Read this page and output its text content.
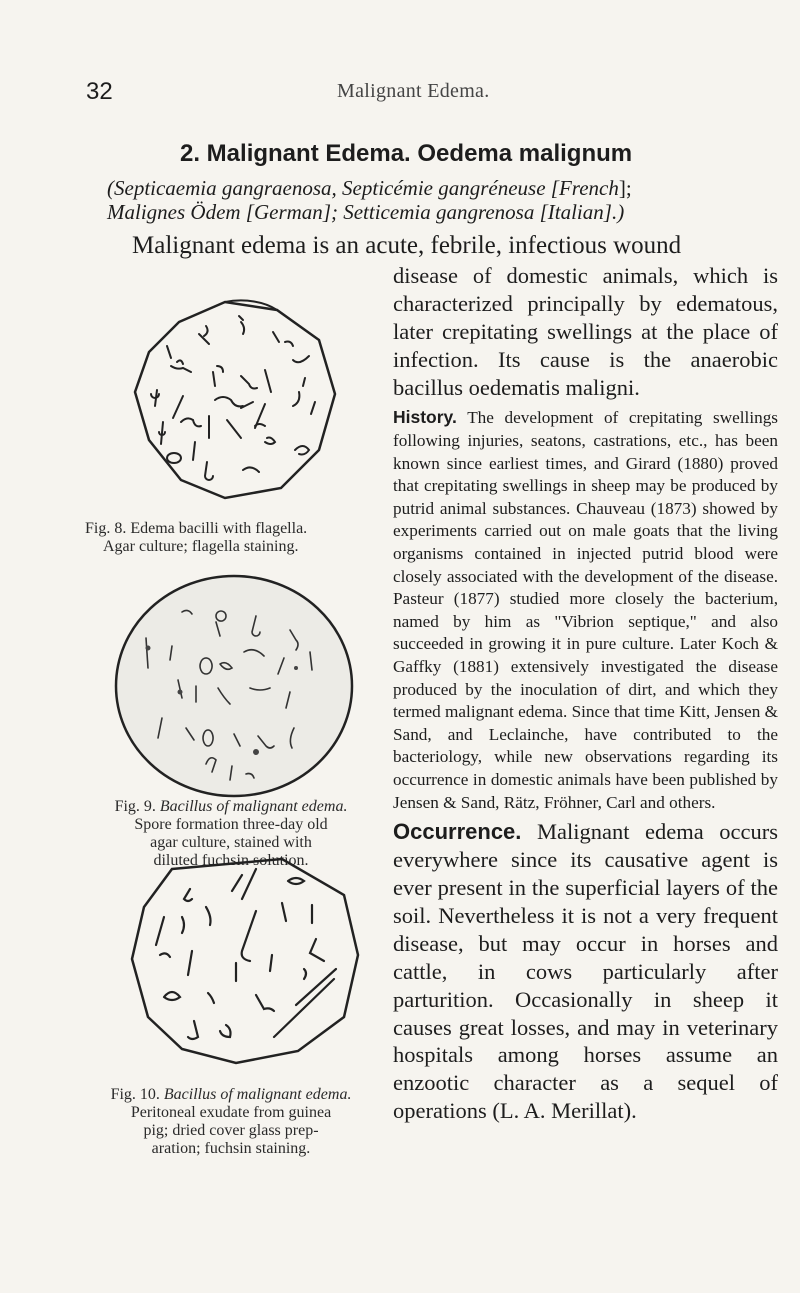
32	Malignant Edema.
2. Malignant Edema. Oedema malignum
(Septicaemia gangraenosa, Septicémie gangréneuse [French];
Malignes Ödem [German]; Setticemia gangrenosa [Italian].)
Malignant edema is an acute, febrile, infectious wound

disease of domestic animals, which is characterized principally by edematous, later crepitating swellings at the place of infection. Its cause is the anaerobic bacillus oedematis maligni.

History. The development of crepitating swellings following injuries, seatons, castrations, etc., has been known since earliest times, and Girard (1880) proved that crepitating swellings in sheep may be produced by putrid animal substances. Chauveau (1873) showed by experiments carried out on male goats that the living organisms contained in injected putrid blood were closely associated with the development of the disease. Pasteur (1877) studied more closely the bacterium, named by him as "Vibrion septique," and also succeeded in growing it in pure culture. Later Koch & Gaffky (1881) extensively investigated the disease produced by the inoculation of dirt, and which they termed malignant edema. Since that time Kitt, Jensen & Sand, and Leclainche, have contributed to the bacteriology, while new observations regarding its occurrence in domestic animals have been published by Jensen & Sand, Rätz, Fröhner, Carl and others.

Occurrence. Malignant edema occurs everywhere since its causative agent is ever present in the superficial layers of the soil. Nevertheless it is not a very frequent disease, but may occur in horses and cattle, in cows particularly after parturition. Occasionally in sheep it causes great losses, and may in veterinary hospitals among horses assume an enzootic character as a sequel of operations (L. A. Merillat).

Fig. 8. Edema bacilli with flagella.
Agar culture; flagella staining.
Fig. 9. Bacillus of malignant edema.
Spore formation three-day old
agar culture, stained with
diluted fuchsin solution.
Fig. 10. Bacillus of malignant edema.
Peritoneal exudate from guinea
pig; dried cover glass prep-
aration; fuchsin staining.
